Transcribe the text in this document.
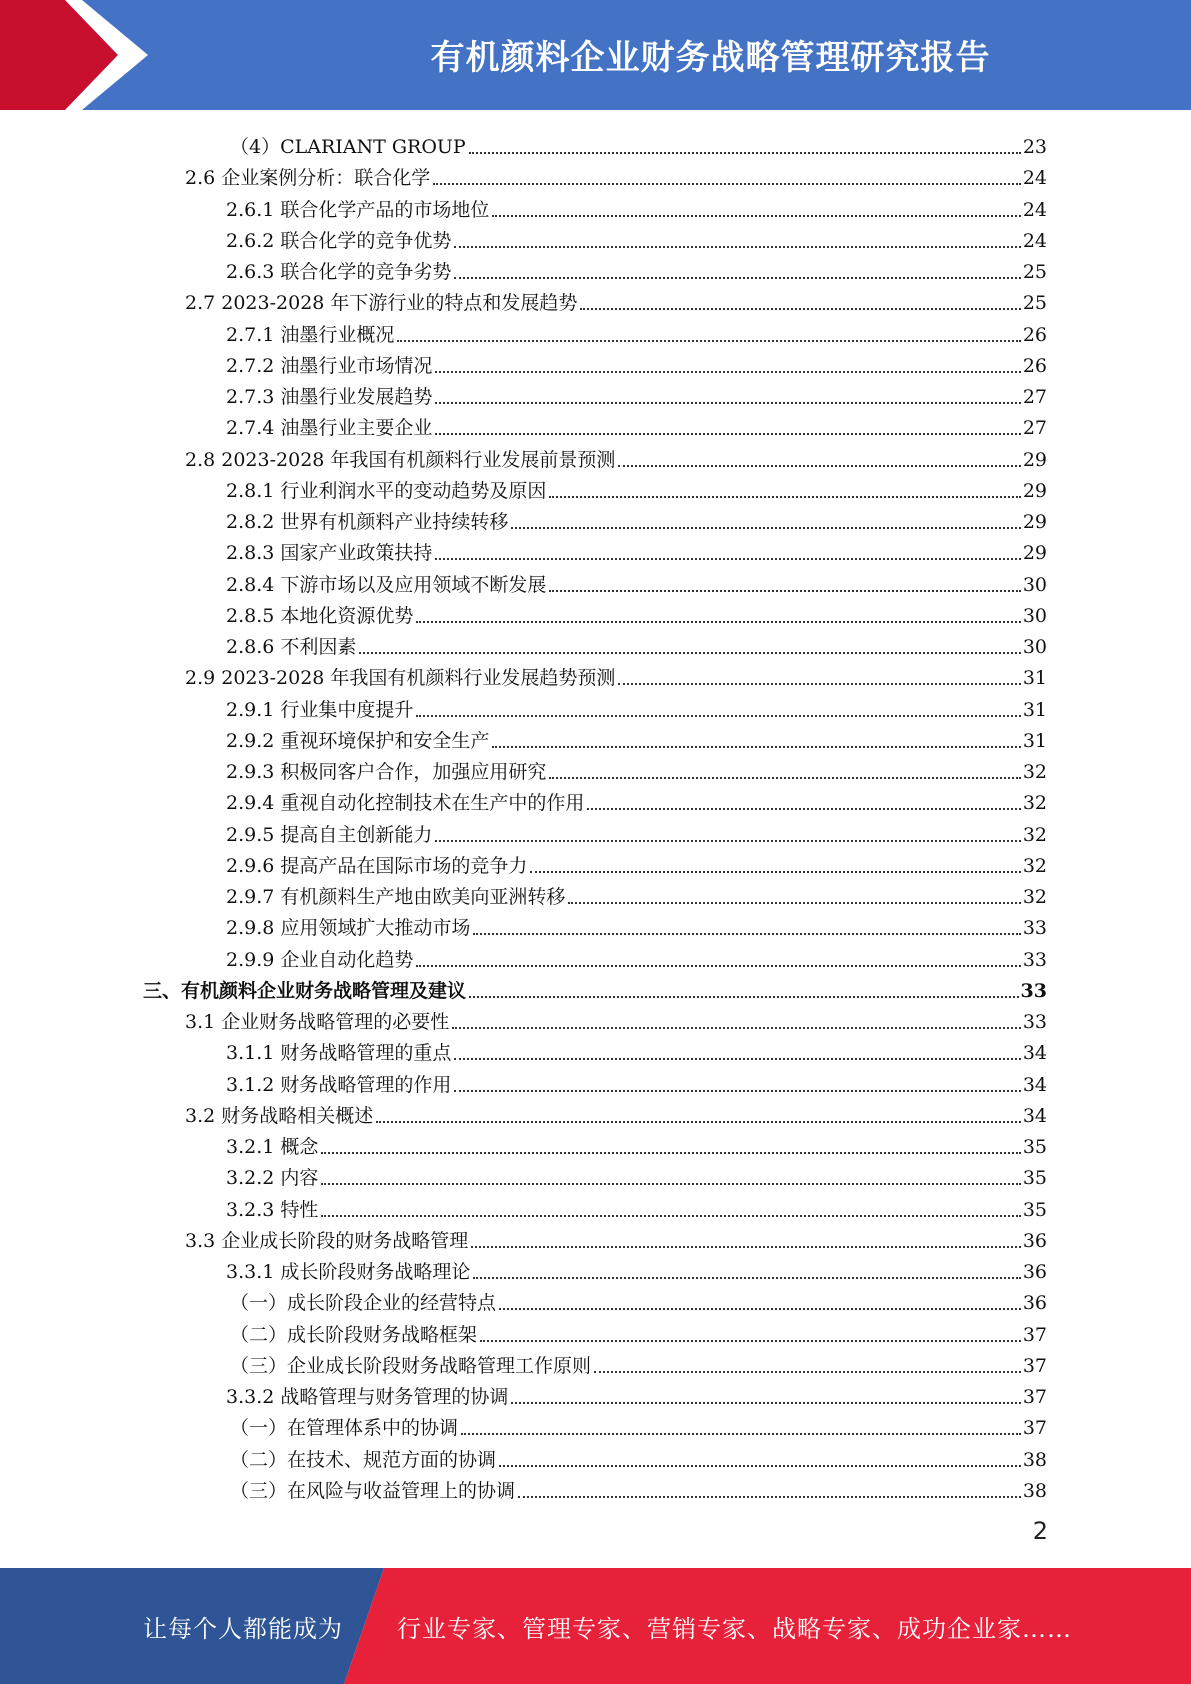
有机颜料企业财务战略管理研究报告
（4）CLARIANT GROUP	23
2.6 企业案例分析：联合化学	24
2.6.1 联合化学产品的市场地位	24
2.6.2 联合化学的竞争优势	24
2.6.3 联合化学的竞争劣势	25
2.7 2023-2028 年下游行业的特点和发展趋势	25
2.7.1 油墨行业概况	26
2.7.2 油墨行业市场情况	26
2.7.3 油墨行业发展趋势	27
2.7.4 油墨行业主要企业	27
2.8 2023-2028 年我国有机颜料行业发展前景预测	29
2.8.1 行业利润水平的变动趋势及原因	29
2.8.2 世界有机颜料产业持续转移	29
2.8.3 国家产业政策扶持	29
2.8.4 下游市场以及应用领域不断发展	30
2.8.5 本地化资源优势	30
2.8.6 不利因素	30
2.9 2023-2028 年我国有机颜料行业发展趋势预测	31
2.9.1 行业集中度提升	31
2.9.2 重视环境保护和安全生产	31
2.9.3 积极同客户合作，加强应用研究	32
2.9.4 重视自动化控制技术在生产中的作用	32
2.9.5 提高自主创新能力	32
2.9.6 提高产品在国际市场的竞争力	32
2.9.7 有机颜料生产地由欧美向亚洲转移	32
2.9.8 应用领域扩大推动市场	33
2.9.9 企业自动化趋势	33
三、有机颜料企业财务战略管理及建议	33
3.1 企业财务战略管理的必要性	33
3.1.1 财务战略管理的重点	34
3.1.2 财务战略管理的作用	34
3.2 财务战略相关概述	34
3.2.1 概念	35
3.2.2 内容	35
3.2.3 特性	35
3.3 企业成长阶段的财务战略管理	36
3.3.1 成长阶段财务战略理论	36
（一）成长阶段企业的经营特点	36
（二）成长阶段财务战略框架	37
（三）企业成长阶段财务战略管理工作原则	37
3.3.2 战略管理与财务管理的协调	37
（一）在管理体系中的协调	37
（二）在技术、规范方面的协调	38
（三）在风险与收益管理上的协调	38
2
让每个人都能成为 行业专家、管理专家、营销专家、战略专家、成功企业家……
